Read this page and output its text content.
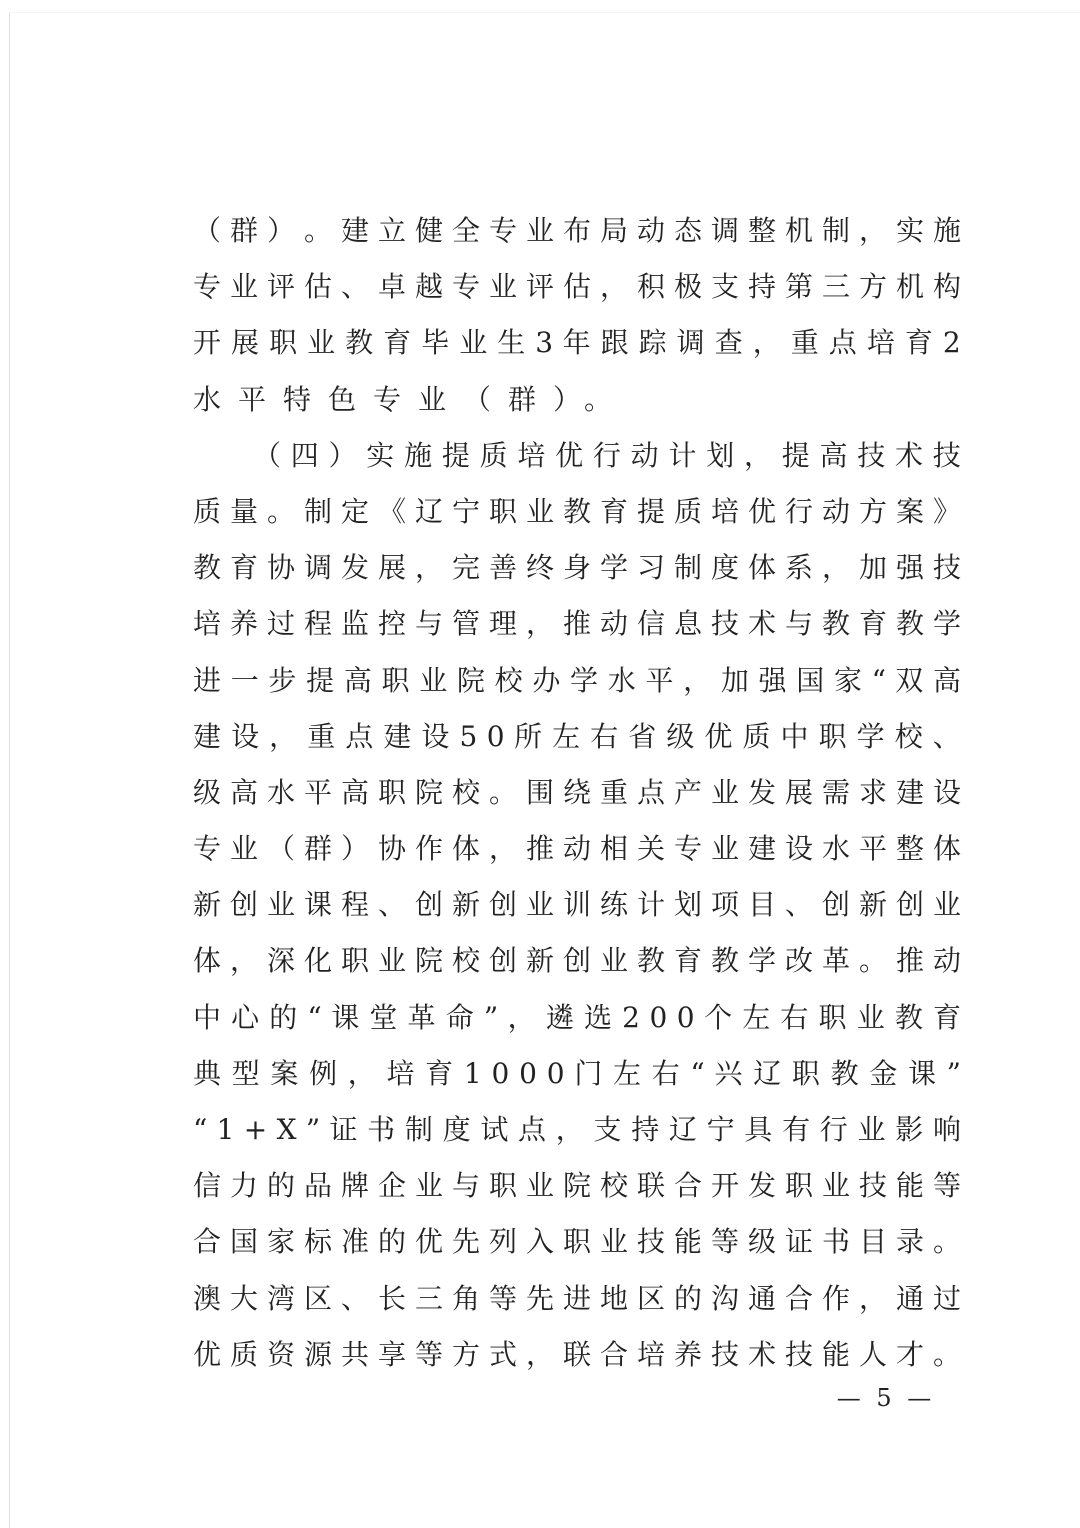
（ 群 ） 。 建 立 健 全 专 业 布 局 动 态 调 整 机 制 ， 实 施
专 业 评 估 、 卓 越 专 业 评 估 ， 积 极 支 持 第 三 方 机 构
开 展 职 业 教 育 毕 业 生 3 年 跟 踪 调 查 ， 重 点 培 育 2
水平特色专业（群）。
（ 四 ） 实 施 提 质 培 优 行 动 计 划 ， 提 高 技 术 技
质 量 。 制 定 《 辽 宁 职 业 教 育 提 质 培 优 行 动 方 案 》
教 育 协 调 发 展 ， 完 善 终 身 学 习 制 度 体 系 ， 加 强 技
培 养 过 程 监 控 与 管 理 ， 推 动 信 息 技 术 与 教 育 教 学
进 一 步 提 高 职 业 院 校 办 学 水 平 ， 加 强 国 家 “ 双 高
建 设 ， 重 点 建 设 5 0 所 左 右 省 级 优 质 中 职 学 校 、
级 高 水 平 高 职 院 校 。 围 绕 重 点 产 业 发 展 需 求 建 设
专 业 （ 群 ） 协 作 体 ， 推 动 相 关 专 业 建 设 水 平 整 体
新 创 业 课 程 、 创 新 创 业 训 练 计 划 项 目 、 创 新 创 业
体 ， 深 化 职 业 院 校 创 新 创 业 教 育 教 学 改 革 。 推 动
中 心 的 “ 课 堂 革 命 ” ， 遴 选 2 0 0 个 左 右 职 业 教 育
典 型 案 例 ， 培 育 1 0 0 0 门 左 右 “ 兴 辽 职 教 金 课 ”
“ 1 + X ” 证 书 制 度 试 点 ， 支 持 辽 宁 具 有 行 业 影 响
信 力 的 品 牌 企 业 与 职 业 院 校 联 合 开 发 职 业 技 能 等
合 国 家 标 准 的 优 先 列 入 职 业 技 能 等 级 证 书 目 录 。
澳 大 湾 区 、 长 三 角 等 先 进 地 区 的 沟 通 合 作 ， 通 过
优 质 资 源 共 享 等 方 式 ， 联 合 培 养 技 术 技 能 人 才 。
— 5 —
